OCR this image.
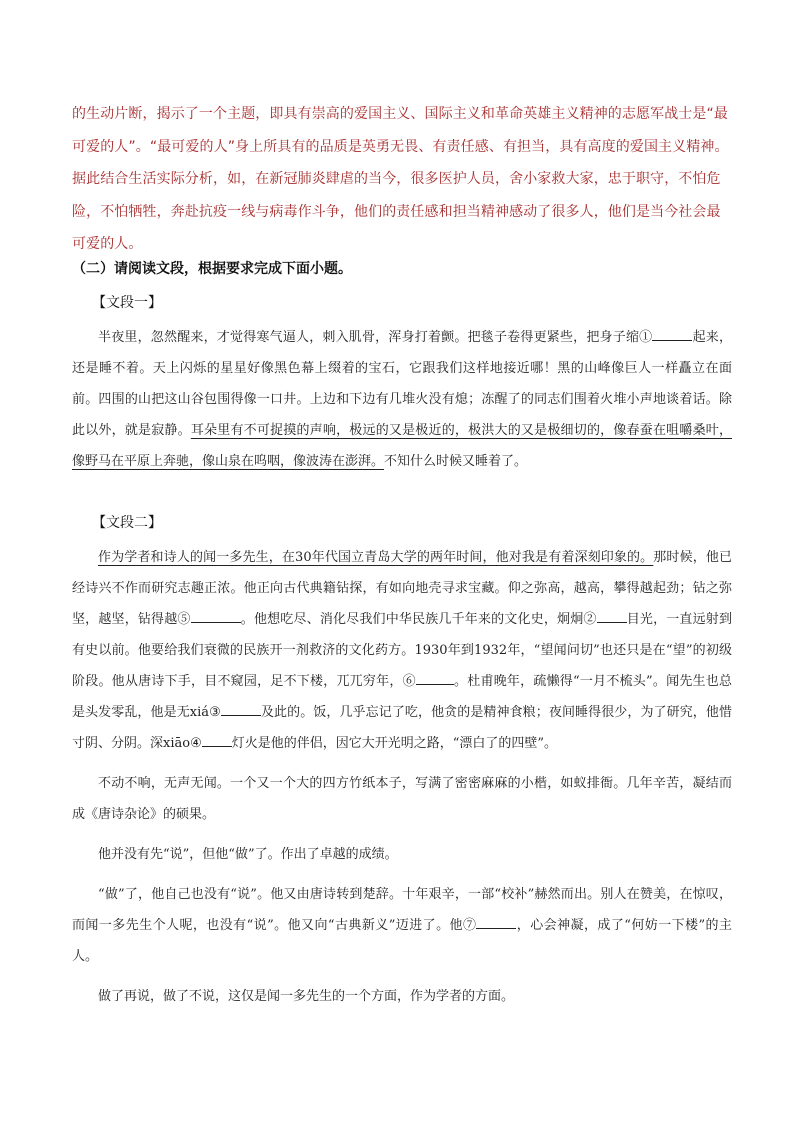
的生动片断，揭示了一个主题，即具有崇高的爱国主义、国际主义和革命英雄主义精神的志愿军战士是“最

可爱的人”。“最可爱的人”身上所具有的品质是英勇无畏、有责任感、有担当，具有高度的爱国主义精神。

据此结合生活实际分析，如，在新冠肺炎肆虐的当今，很多医护人员，舍小家救大家，忠于职守，不怕危

险，不怕牺牲，奔赴抗疫一线与病毒作斗争，他们的责任感和担当精神感动了很多人，他们是当今社会最

可爱的人。

（二）请阅读文段，根据要求完成下面小题。
【文段一】

半夜里，忽然醒来，才觉得寒气逼人，刺入肌骨，浑身打着颤。把毯子卷得更紧些，把身子缩①	起来，还是睡不着。天上闪烁的星星好像黑色幕上缀着的宝石，它跟我们这样地接近哪！黑的山峰像巨人一样矗立在面前。四围的山把这山谷包围得像一口井。上边和下边有几堆火没有熄；冻醒了的同志们围着火堆小声地谈着话。除此以外，就是寂静。耳朵里有不可捉摸的声响，极远的又是极近的，极洪大的又是极细切的，像春蚕在咀嚼桑叶，像野马在平原上奔驰，像山泉在呜咽，像波涛在澎湃。不知什么时候又睡着了。

【文段二】

作为学者和诗人的闻一多先生，在30年代国立青岛大学的两年时间，他对我是有着深刻印象的。那时候，他已经诗兴不作而研究志趣正浓。他正向古代典籍钻探，有如向地壳寻求宝藏。仰之弥高，越高，攀得越起劲；钻之弥坚，越坚，钻得越⑤	。他想吃尽、消化尽我们中华民族几千年来的文化史，炯炯② 目光，一直远射到有史以前。他要给我们衰微的民族开一剂救济的文化药方。1930年到1932年，“望闻问切”也还只是在“望”的初级阶段。他从唐诗下手，目不窥园，足不下楼，兀兀穷年，⑥	。杜甫晚年，疏懒得“一月不梳头”。闻先生也总是头发零乱，他是无xiá③	及此的。饭，几乎忘记了吃，他贪的是精神食粮；夜间睡得很少，为了研究，他惜寸阴、分阴。深xiāo④ 灯火是他的伴侣，因它大开光明之路，“漂白了的四壁”。

不动不响，无声无闻。一个又一个大的四方竹纸本子，写满了密密麻麻的小楷，如蚁排衙。几年辛苦，凝结而成《唐诗杂论》的硕果。

他并没有先“说”，但他“做”了。作出了卓越的成绩。

“做”了，他自己也没有“说”。他又由唐诗转到楚辞。十年艰辛，一部“校补”赫然而出。别人在赞美，在惊叹，而闻一多先生个人呢，也没有“说”。他又向“古典新义”迈进了。他⑦	，心会神凝，成了“何妨一下楼”的主人。

做了再说，做了不说，这仅是闻一多先生的一个方面，作为学者的方面。
